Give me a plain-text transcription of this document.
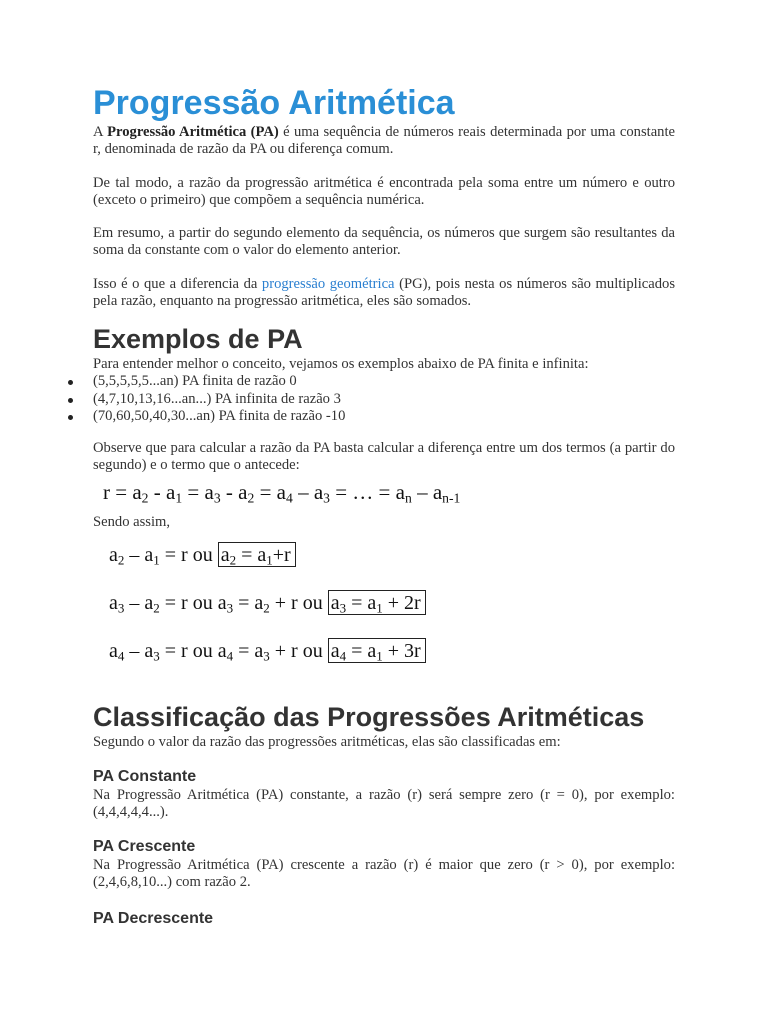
Progressão Aritmética

A Progressão Aritmética (PA) é uma sequência de números reais determinada por uma constante r, denominada de razão da PA ou diferença comum.

De tal modo, a razão da progressão aritmética é encontrada pela soma entre um número e outro (exceto o primeiro) que compõem a sequência numérica.

Em resumo, a partir do segundo elemento da sequência, os números que surgem são resultantes da soma da constante com o valor do elemento anterior.

Isso é o que a diferencia da progressão geométrica (PG), pois nesta os números são multiplicados pela razão, enquanto na progressão aritmética, eles são somados.

Exemplos de PA

Para entender melhor o conceito, vejamos os exemplos abaixo de PA finita e infinita:

(5,5,5,5,5...an) PA finita de razão 0
(4,7,10,13,16...an...) PA infinita de razão 3
(70,60,50,40,30...an) PA finita de razão -10

Observe que para calcular a razão da PA basta calcular a diferença entre um dos termos (a partir do segundo) e o termo que o antecede:

$r = a_2 - a_1 = a_3 - a_2 = a_4 - a_3$ = … = $a_n - a_{n-1}$

Sendo assim,

$a_2 - a_1 = r$ ou $a_2 = a_1+r$
$a_3 - a_2 = r$ ou $a_3 = a_2 + r$ ou $a_3 = a_1 + 2r$
$a_4 - a_3 = r$ ou $a_4 = a_3 + r$ ou $a_4 = a_1 + 3r$
Classificação das Progressões Aritméticas

Segundo o valor da razão das progressões aritméticas, elas são classificadas em:

PA Constante

Na Progressão Aritmética (PA) constante, a razão (r) será sempre zero (r = 0), por exemplo: (4,4,4,4,4...).

PA Crescente

Na Progressão Aritmética (PA) crescente a razão (r) é maior que zero (r > 0), por exemplo: (2,4,6,8,10...) com razão 2.

PA Decrescente
